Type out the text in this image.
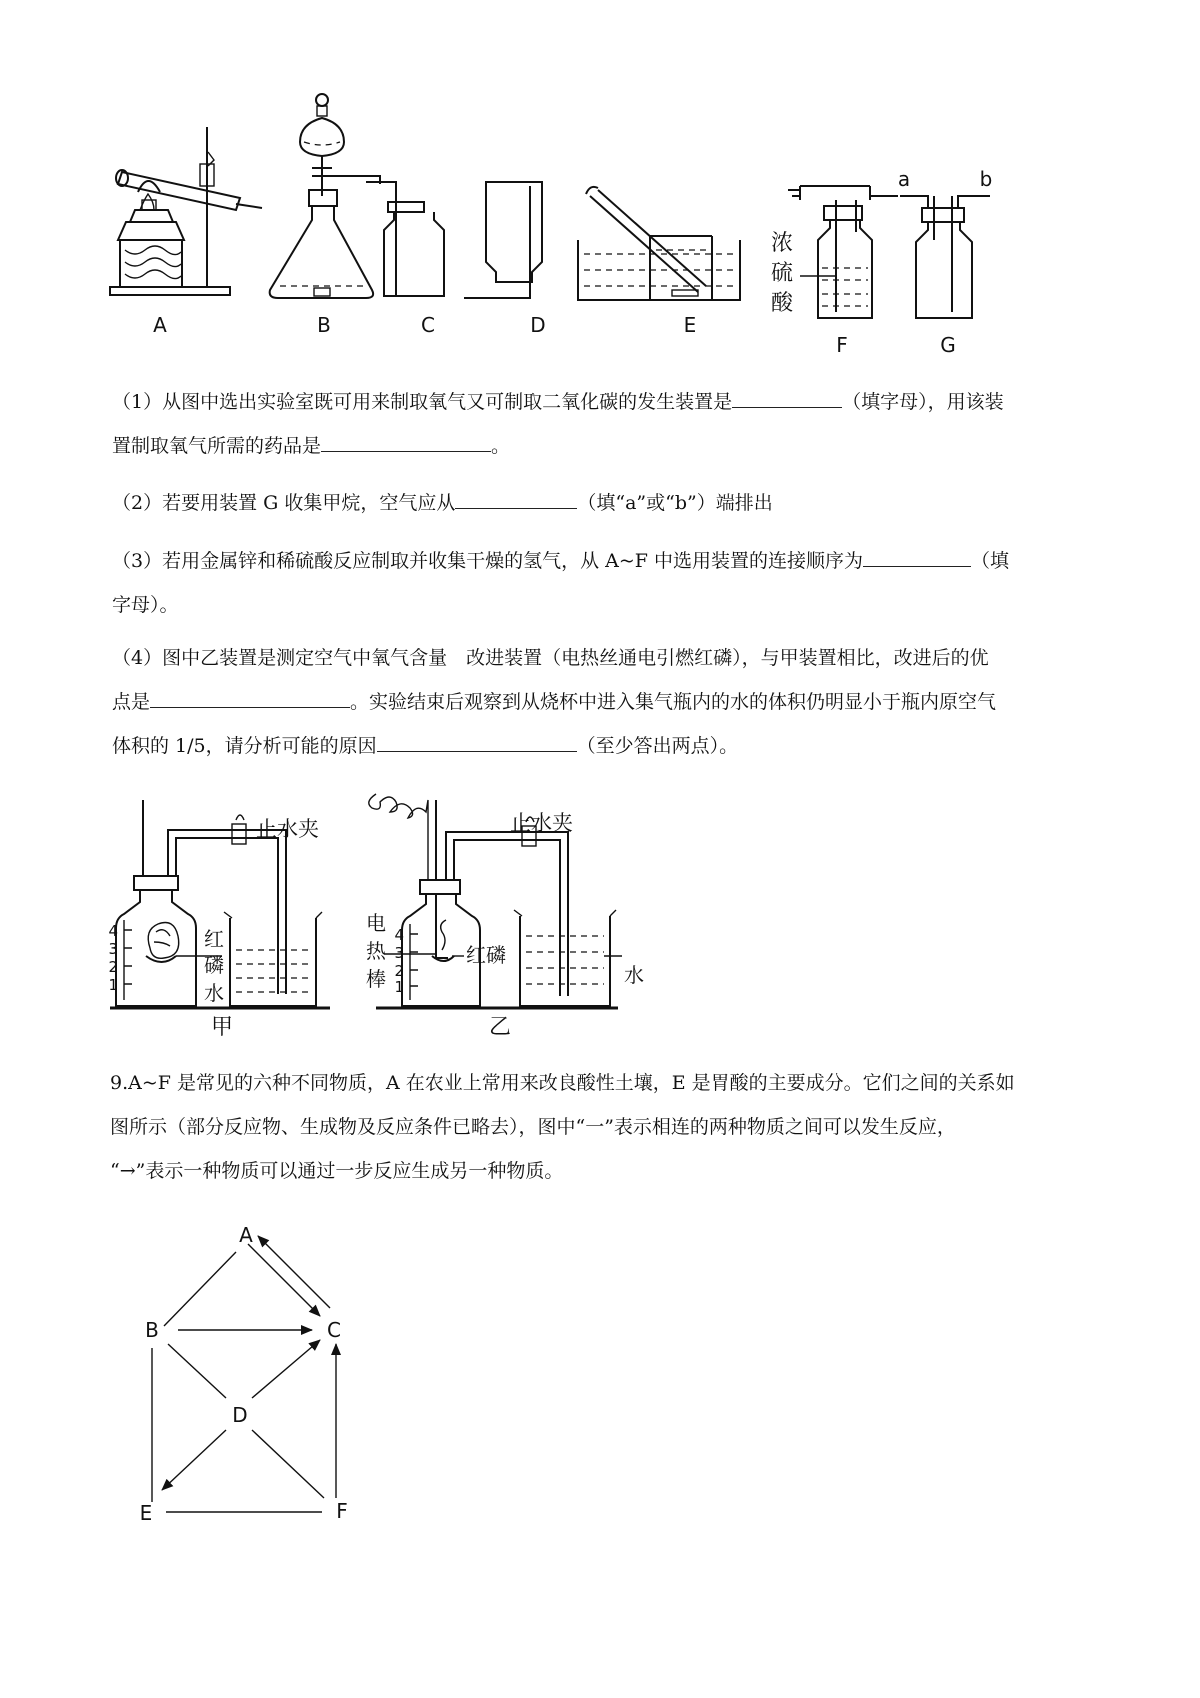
A	B	C	D	E
浓
硫
酸
F
a	b
G

（1）从图中选出实验室既可用来制取氧气又可制取二氧化碳的发生装置是	（填字母），用该装
置制取氧气所需的药品是	。

（2）若要用装置 G 收集甲烷，空气应从	（填“a”或“b”）端排出

（3）若用金属锌和稀硫酸反应制取并收集干燥的氢气，从 A~F 中选用装置的连接顺序为	（填
字母）。

（4）图中乙装置是测定空气中氧气含量　改进装置（电热丝通电引燃红磷），与甲装置相比，改进后的优
点是	。实验结束后观察到从烧杯中进入集气瓶内的水的体积仍明显小于瓶内原空气
体积的 1/5，请分析可能的原因	（至少答出两点）。

止水夹
4
3
2
1
红
磷
水
甲
止水夹
4
3
2
1
电
热
棒
红磷
水
乙

9.A~F 是常见的六种不同物质，A 在农业上常用来改良酸性土壤，E 是胃酸的主要成分。它们之间的关系如
图所示（部分反应物、生成物及反应条件已略去），图中“一”表示相连的两种物质之间可以发生反应，
“→”表示一种物质可以通过一步反应生成另一种物质。

A
B	C
D
E	F
